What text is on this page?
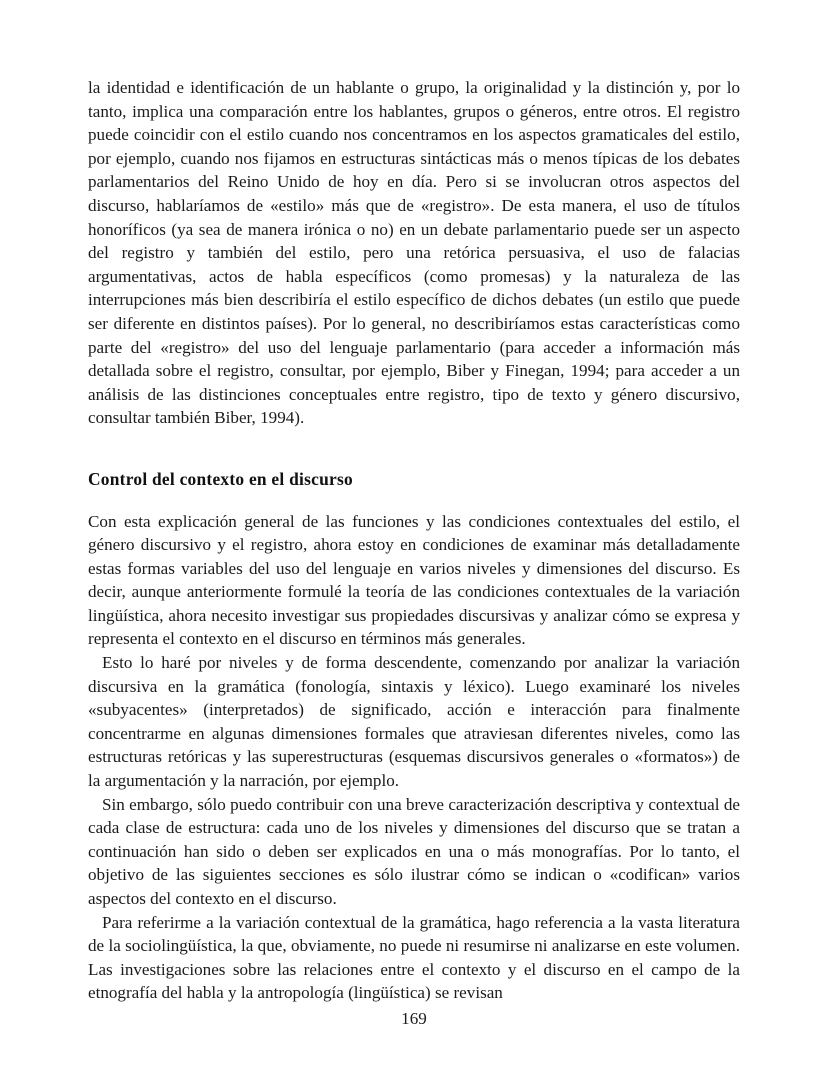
la identidad e identificación de un hablante o grupo, la originalidad y la distinción y, por lo tanto, implica una comparación entre los hablantes, grupos o géneros, entre otros. El registro puede coincidir con el estilo cuando nos concentramos en los aspectos gramaticales del estilo, por ejemplo, cuando nos fijamos en estructuras sintácticas más o menos típicas de los debates parlamentarios del Reino Unido de hoy en día. Pero si se involucran otros aspectos del discurso, hablaríamos de «estilo» más que de «registro». De esta manera, el uso de títulos honoríficos (ya sea de manera irónica o no) en un debate parlamentario puede ser un aspecto del registro y también del estilo, pero una retórica persuasiva, el uso de falacias argumentativas, actos de habla específicos (como promesas) y la naturaleza de las interrupciones más bien describiría el estilo específico de dichos debates (un estilo que puede ser diferente en distintos países). Por lo general, no describiríamos estas características como parte del «registro» del uso del lenguaje parlamentario (para acceder a información más detallada sobre el registro, consultar, por ejemplo, Biber y Finegan, 1994; para acceder a un análisis de las distinciones conceptuales entre registro, tipo de texto y género discursivo, consultar también Biber, 1994).

Control del contexto en el discurso

Con esta explicación general de las funciones y las condiciones contextuales del estilo, el género discursivo y el registro, ahora estoy en condiciones de examinar más detalladamente estas formas variables del uso del lenguaje en varios niveles y dimensiones del discurso. Es decir, aunque anteriormente formulé la teoría de las condiciones contextuales de la variación lingüística, ahora necesito investigar sus propiedades discursivas y analizar cómo se expresa y representa el contexto en el discurso en términos más generales.

Esto lo haré por niveles y de forma descendente, comenzando por analizar la variación discursiva en la gramática (fonología, sintaxis y léxico). Luego examinaré los niveles «subyacentes» (interpretados) de significado, acción e interacción para finalmente concentrarme en algunas dimensiones formales que atraviesan diferentes niveles, como las estructuras retóricas y las superestructuras (esquemas discursivos generales o «formatos») de la argumentación y la narración, por ejemplo.

Sin embargo, sólo puedo contribuir con una breve caracterización descriptiva y contextual de cada clase de estructura: cada uno de los niveles y dimensiones del discurso que se tratan a continuación han sido o deben ser explicados en una o más monografías. Por lo tanto, el objetivo de las siguientes secciones es sólo ilustrar cómo se indican o «codifican» varios aspectos del contexto en el discurso.

Para referirme a la variación contextual de la gramática, hago referencia a la vasta literatura de la sociolingüística, la que, obviamente, no puede ni resumirse ni analizarse en este volumen. Las investigaciones sobre las relaciones entre el contexto y el discurso en el campo de la etnografía del habla y la antropología (lingüística) se revisan

169
